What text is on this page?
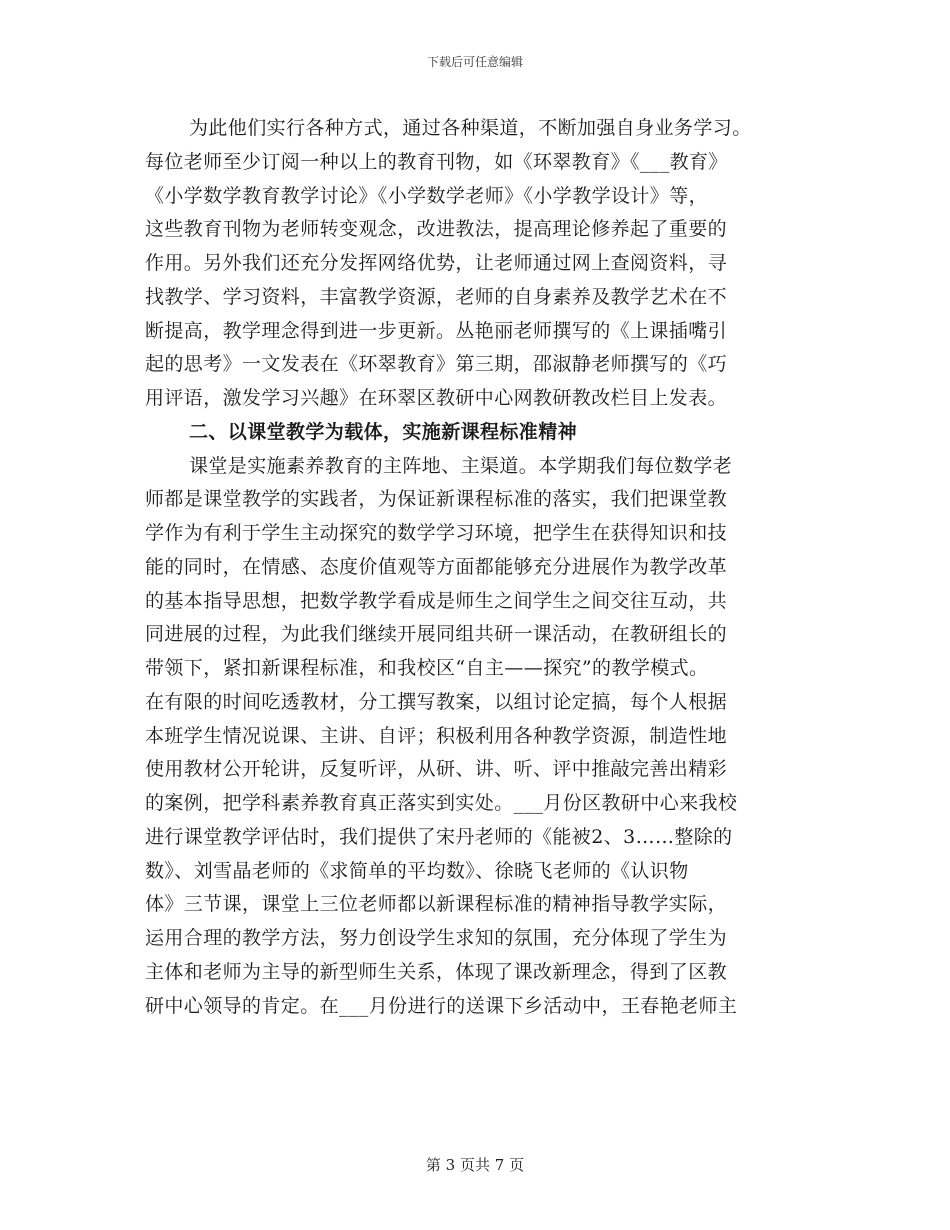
下载后可任意编辑
为此他们实行各种方式，通过各种渠道，不断加强自身业务学习。
每位老师至少订阅一种以上的教育刊物，如《环翠教育》《___教育》
《小学数学教育教学讨论》《小学数学老师》《小学教学设计》等，
这些教育刊物为老师转变观念，改进教法，提高理论修养起了重要的
作用。另外我们还充分发挥网络优势，让老师通过网上查阅资料，寻
找教学、学习资料，丰富教学资源，老师的自身素养及教学艺术在不
断提高，教学理念得到进一步更新。丛艳丽老师撰写的《上课插嘴引
起的思考》一文发表在《环翠教育》第三期，邵淑静老师撰写的《巧
用评语，激发学习兴趣》在环翠区教研中心网教研教改栏目上发表。
二、以课堂教学为载体，实施新课程标准精神
课堂是实施素养教育的主阵地、主渠道。本学期我们每位数学老
师都是课堂教学的实践者，为保证新课程标准的落实，我们把课堂教
学作为有利于学生主动探究的数学学习环境，把学生在获得知识和技
能的同时，在情感、态度价值观等方面都能够充分进展作为教学改革
的基本指导思想，把数学教学看成是师生之间学生之间交往互动，共
同进展的过程，为此我们继续开展同组共研一课活动，在教研组长的
带领下，紧扣新课程标准，和我校区“自主——探究”的教学模式。
在有限的时间吃透教材，分工撰写教案，以组讨论定搞，每个人根据
本班学生情况说课、主讲、自评；积极利用各种教学资源，制造性地
使用教材公开轮讲，反复听评，从研、讲、听、评中推敲完善出精彩
的案例，把学科素养教育真正落实到实处。___月份区教研中心来我校
进行课堂教学评估时，我们提供了宋丹老师的《能被2、3……整除的
数》、刘雪晶老师的《求简单的平均数》、徐晓飞老师的《认识物
体》三节课，课堂上三位老师都以新课程标准的精神指导教学实际，
运用合理的教学方法，努力创设学生求知的氛围，充分体现了学生为
主体和老师为主导的新型师生关系，体现了课改新理念，得到了区教
研中心领导的肯定。在___月份进行的送课下乡活动中，王春艳老师主
第 3 页共 7 页
